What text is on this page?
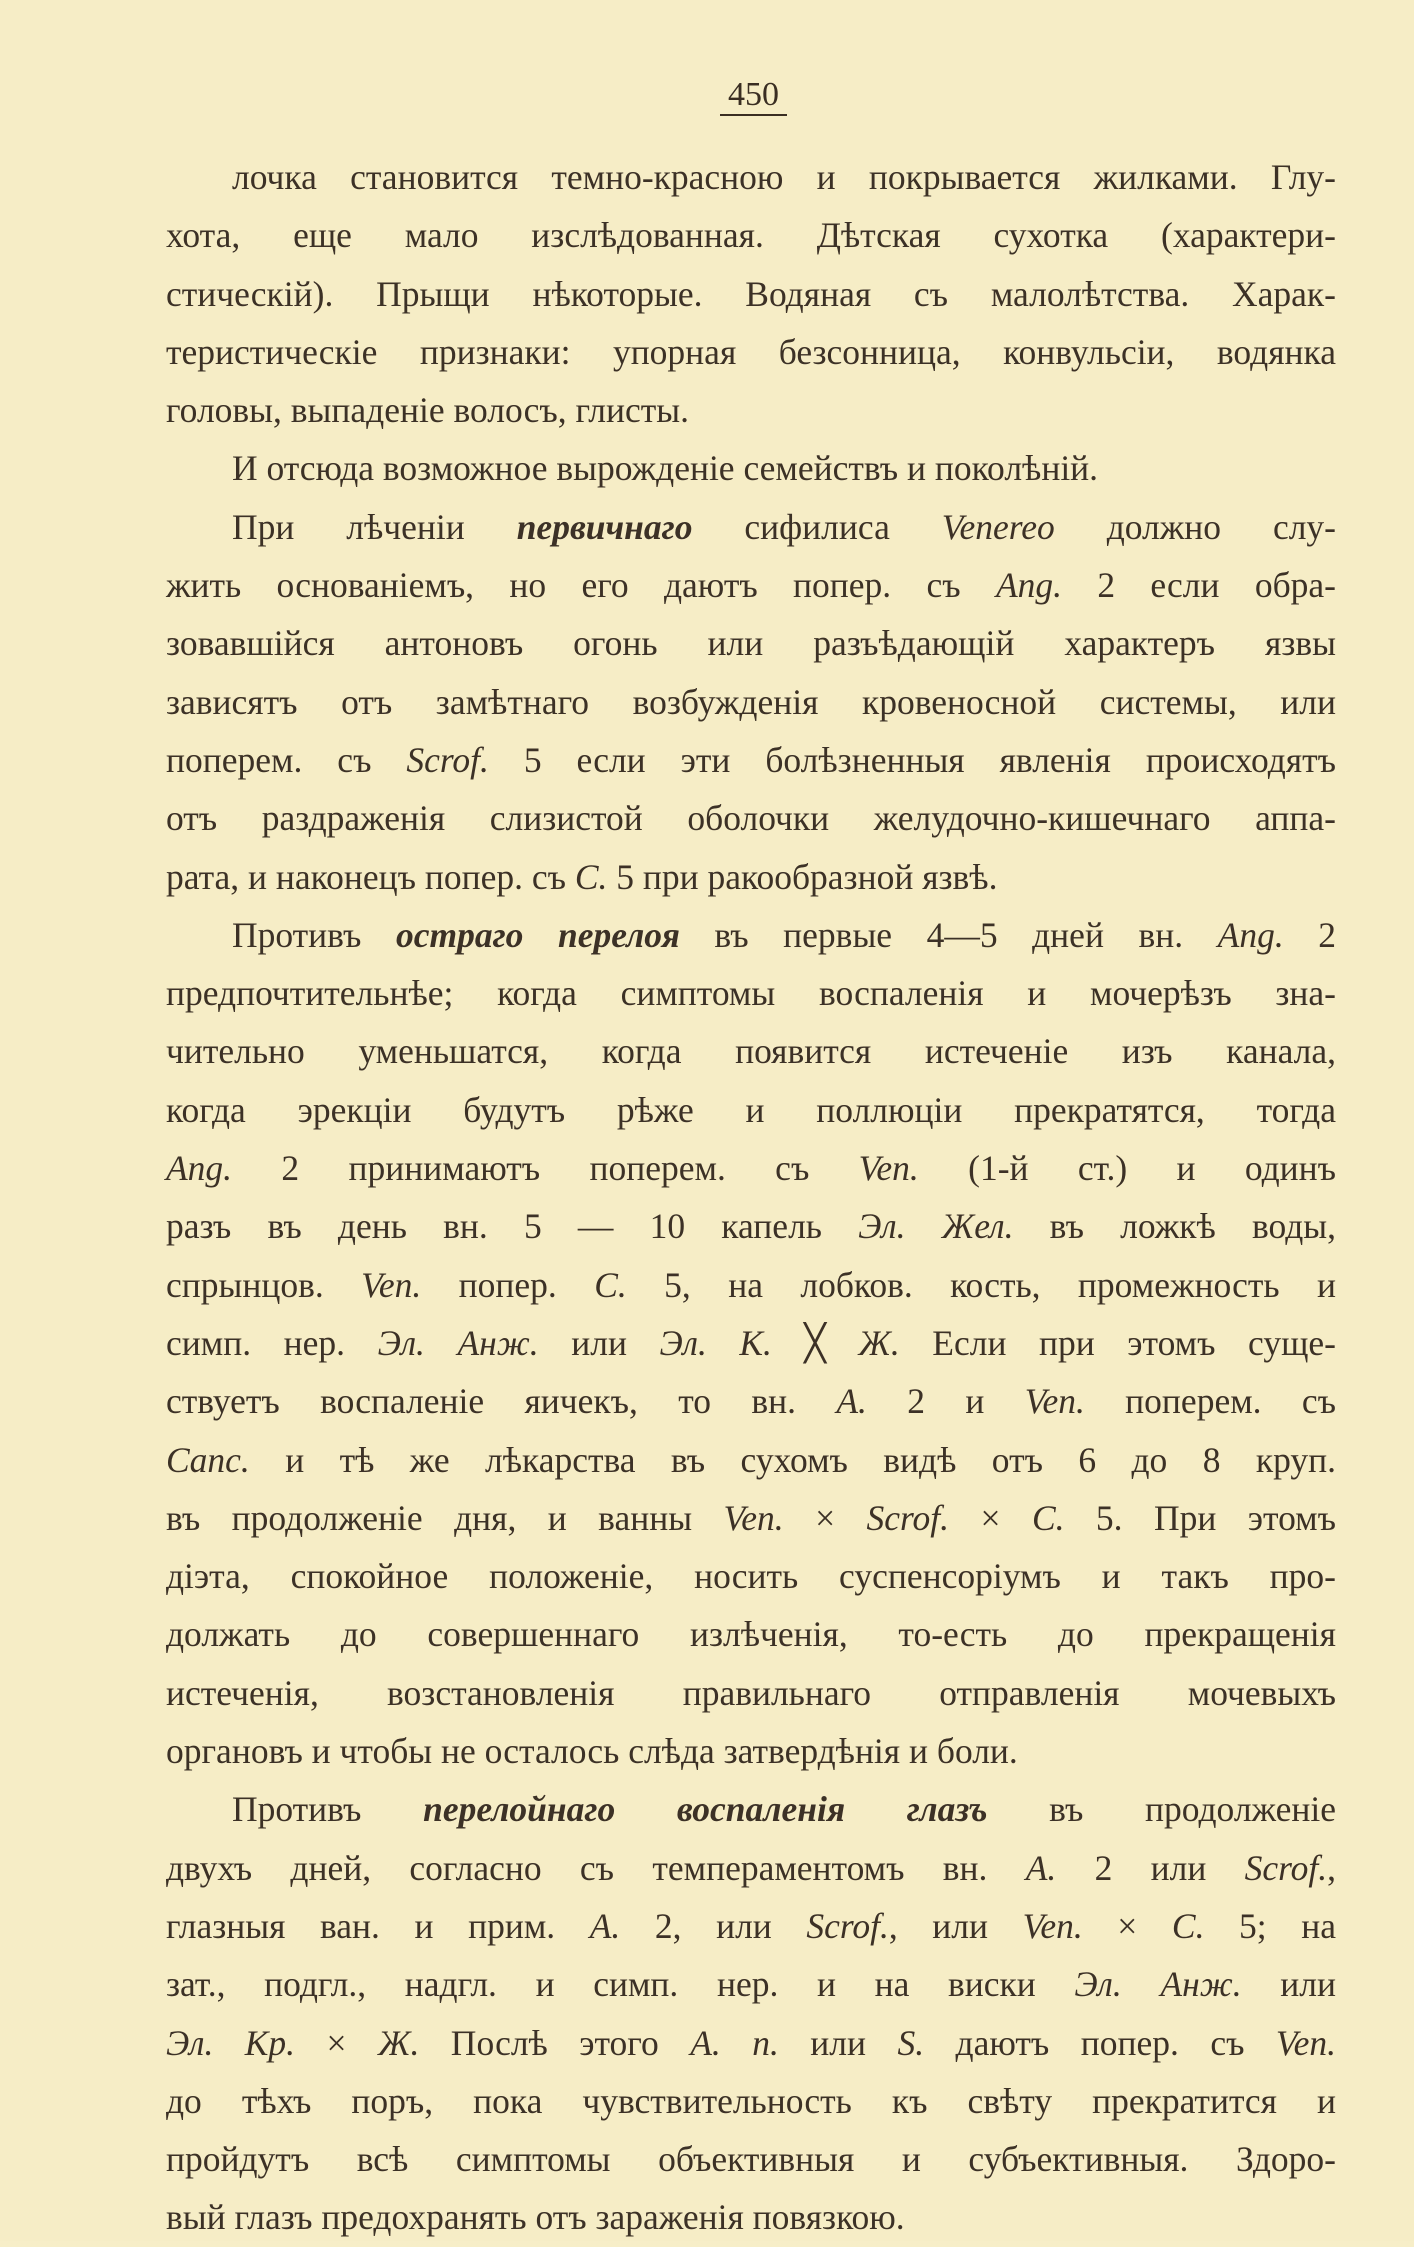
450
лочка становится темно-красною и покрывается жилками. Глу-
хота, еще мало изслѣдованная. Дѣтская сухотка (характери-
стическій). Прыщи нѣкоторые. Водяная съ малолѣтства. Харак-
теристическіе признаки: упорная безсонница, конвульсіи, водянка
головы, выпаденіе волосъ, глисты.
И отсюда возможное вырожденіе семействъ и поколѣній.
При лѣченіи первичнаго сифилиса Venereo должно слу-
жить основаніемъ, но его даютъ попер. съ Ang. 2 если обра-
зовавшійся антоновъ огонь или разъѣдающій характеръ язвы
зависятъ отъ замѣтнаго возбужденія кровеносной системы, или
поперем. съ Scrof. 5 если эти болѣзненныя явленія происходятъ
отъ раздраженія слизистой оболочки желудочно-кишечнаго аппа-
рата, и наконецъ попер. съ C. 5 при ракообразной язвѣ.
Противъ остраго перелоя въ первые 4—5 дней вн. Ang. 2
предпочтительнѣе; когда симптомы воспаленія и мочерѣзъ зна-
чительно уменьшатся, когда появится истеченіе изъ канала,
когда эрекціи будутъ рѣже и поллюціи прекратятся, тогда
Ang. 2 принимаютъ поперем. съ Ven. (1-й ст.) и одинъ
разъ въ день вн. 5 — 10 капель Эл. Жел. въ ложкѣ воды,
спрынцов. Ven. попер. C. 5, на лобков. кость, промежность и
симп. нер. Эл. Анж. или Эл. К. ╳ Ж. Если при этомъ суще-
ствуетъ воспаленіе яичекъ, то вн. A. 2 и Ven. поперем. съ
Canc. и тѣ же лѣкарства въ сухомъ видѣ отъ 6 до 8 круп.
въ продолженіе дня, и ванны Ven. × Scrof. × C. 5. При этомъ
діэта, спокойное положеніе, носить суспенсоріумъ и такъ про-
должать до совершеннаго излѣченія, то-есть до прекращенія
истеченія, возстановленія правильнаго отправленія мочевыхъ
органовъ и чтобы не осталось слѣда затвердѣнія и боли.
Противъ перелойнаго воспаленія глазъ въ продолженіе
двухъ дней, согласно съ темпераментомъ вн. A. 2 или Scrof.,
глазныя ван. и прим. A. 2, или Scrof., или Ven. × C. 5; на
зат., подгл., надгл. и симп. нер. и на виски Эл. Анж. или
Эл. Кр. × Ж. Послѣ этого A. n. или S. даютъ попер. съ Ven.
до тѣхъ поръ, пока чувствительность къ свѣту прекратится и
пройдутъ всѣ симптомы объективныя и субъективныя. Здоро-
вый глазъ предохранять отъ зараженія повязкою.
